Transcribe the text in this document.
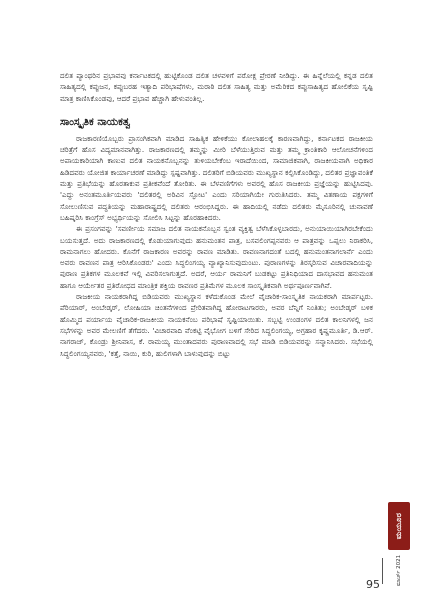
ದಲಿತ ಪ್ಯಾಂಥರಿನ ಪ್ರಭಾವವು ಕರ್ನಾಟಕದಲ್ಲಿ ಹುಟ್ಟಿಕೊಂಡ ದಲಿತ ಚಳವಳಿಗೆ ಪರೋಕ್ಷ ಪ್ರೇರಣೆ ನೀಡಿದ್ದು. ಈ ಹಿನ್ನೆಲೆಯಲ್ಲಿ ಕನ್ನಡ ದಲಿತ ಸಾಹಿತ್ಯದಲ್ಲಿ ಕಪ್ಪುಜನ, ಕಪ್ಪುಬರಹ ಇತ್ಯಾದಿ ಪರಿಭಾಷೆಗಳು, ಮರಾಠಿ ದಲಿತ ಸಾಹಿತ್ಯ ಮತ್ತು ಅಮೆರಿಕದ ಕಪ್ಪುಸಾಹಿತ್ಯದ ಹೋಲಿಕೆಯ ಸೃಷ್ಟಿ ಮಾತ್ರ ಕಾಣಿಸಿಕೊಂಡವು, ಆದರೆ ಪ್ರಭಾವ ಹೆಚ್ಚಾಗಿ ಹೇಳುವಂತಿಲ್ಲ.

ಸಾಂಸ್ಕೃತಿಕ ನಾಯಕತ್ವ

ರಾಜಕಾರಣಿಯೊಬ್ಬರು ಪ್ರಾಸಂಗಿಕವಾಗಿ ಮಾಡಿದ ಸಾಹಿತ್ಯಿಕ ಹೇಳಿಕೆಯು ಕೋಲಾಹಲಕ್ಕೆ ಕಾರಣವಾಗಿದ್ದು, ಕರ್ನಾಟಕದ ರಾಜಕೀಯ ಚರಿತ್ರೆಗೆ ಹೊಸ ವಿದ್ಯಮಾನವಾಗಿತ್ತು. ರಾಜಕಾರಣದಲ್ಲಿ ತಮ್ಮನ್ನು ಮೀರಿ ಬೆಳೆಯುತ್ತಿರುವ ಮತ್ತು ತಮ್ಮ ಕ್ರಾಂತಿಕಾರಿ ಆಲೋಚನೆಗಳಿಂದ ಅಪಾಯಕಾರಿಯಾಗಿ ಕಾಣುವ ದಲಿತ ನಾಯಕನೊಬ್ಬನನ್ನು ತುಳಿಯಬೇಕೆಂಬ ಇರಾದೆಯಿಂದ, ಸಾಮಾಜಿಕವಾಗಿ, ರಾಜಕೀಯವಾಗಿ ಅಧಿಕಾರ ಹಿಡಿದವರು ಯೋಜಿತ ಕಾರ್ಯಾಚರಣೆ ಮಾಡಿದ್ದು ಸ್ಪಷ್ಟವಾಗಿತ್ತು. ದಲಿತರಿಗೆ ಬಿಡಿಯವರು ಮುಖ್ಯಸ್ಥಾನ ಕಲ್ಪಿಸಿಕೊಂಡಿದ್ದು, ದಲಿತರ ಪ್ರಜ್ಞಾವಂತಿಕೆ ಮತ್ತು ಪ್ರತಿಭೆಯನ್ನು ಹೊರತಾಕುವ ಪ್ರತೀಕವೆಂದೆ ತೋರಿತು. ಈ ಬೆಳವಣಿಗೆಗಳು ಅವರಲ್ಲಿ ಹೊಸ ರಾಜಕೀಯ ಪ್ರಜ್ಞೆಯನ್ನು ಹುಟ್ಟಿಸಿದವು. 'ಎದ್ದು ಅನಂತಮೂರ್ತಿಯವರು 'ದಲಿತರಲ್ಲಿ ಅರಿವಿನ ಸ್ಫೋಟ' ಎಂದು ಸರಿಯಾಗಿಯೇ ಗುರುತಿಸಿದರು. ತಮ್ಮ ವಿತಣಾಯ ಪಕ್ಷಗಳಿಗೆ ಸೋಲುಣಿಸುವ ಪದ್ಧತಿಯನ್ನು ಮಹಾರಾಷ್ಟ್ರದಲ್ಲಿ ದಲಿತರು ಆರಂಭಿಸಿದ್ದರು. ಈ ಹಾದಿಯಲ್ಲಿ ನಡೆದು ದಲಿತರು ಮೈಸೂರಿನಲ್ಲಿ ಚುನಾವಣೆ ಬಹಿಷ್ಕರಿಸಿ ಕಾಂಗ್ರೆಸ್ ಅಭ್ಯರ್ಥಿಯನ್ನು ಸೋಲಿಸಿ ಸಿಟ್ಟನ್ನು ಹೊರಹಾಕಿದರು.

ಈ ಪ್ರಸಂಗವನ್ನು 'ಸವರ್ಣೀಯ ಸಮಾಜ ದಲಿತ ನಾಯಕನೊಬ್ಬನ ಸ್ವಂತ ವ್ಯಕ್ತಿತ್ವ ಬೆಳೆಸಿಕೊಳ್ಳಬಾರದು, ಅನುಯಾಯಿಯಾಗಿರಬೇಕೆಂದು ಬಯಸುತ್ತದೆ. ಅದು ರಾಜಕಾರಣದಲ್ಲಿ ಕೊಡುಯಾಗುವುದು ಹನುಮಂತನ ಪಾತ್ರ, ಬಸವಲಿಂಗಪ್ಪನವರು ಆ ಪಾತ್ರವನ್ನು ಒಪ್ಪಲು ನಿರಾಕರಿಸಿ, ರಾಮನಾಗಲು ಹೋದರು. ಕೊನೆಗೆ ರಾಜಕಾರಣ ಅವರನ್ನು ರಾವಣ ಮಾಡಿತು. ರಾವಣನಾಗದಂತೆ ಬದಲ್ಲಿ ಹನುಮಂತನಾಗಲಾರ್ನೆ ಎಂದು ಅವರು ರಾವಣನ ಪಾತ್ರ ಆರಿಸಿಕೊಂಡರು' ಎಂದು ಸಿದ್ಧಲಿಂಗಯ್ಯ ವ್ಯಾಖ್ಯಾನಿಸುವುದುಂಟು. ಪುರಾಣಗಳನ್ನು ತಿರಸ್ಕರಿಸುವ ವಿಚಾರವಾದಿಯನ್ನು ಪುರಾಣ ಪ್ರತಿಕಗಳ ಮೂಲಕವೆ ಇಲ್ಲಿ ವಿವರಿಸಲಾಗುತ್ತದೆ. ಅದರೆ, ಆರ್ಯ ರಾಮನಿಗೆ ಬುಡಕಟ್ಟು ಪ್ರತಿನಿಧಿಯಾದ ದಾಸಭಾವದ ಹನುಮಂತ ಹಾಗೂ ಆರ್ಯೇತರ ಪ್ರತಿರೋಧದ ಮಾಂತ್ರಿಕ ಶಕ್ತಿಯ ರಾವಣರ ಪ್ರತಿಮೆಗಳ ಮೂಲಕ ಸಾಂಸ್ಕೃತಿಕವಾಗಿ ಅರ್ಥಪೂರ್ಣವಾಗಿವೆ.

ರಾಜಕೀಯ ನಾಯಕರಾಗಿದ್ದ ಬಿಡಿಯವರು ಮುಖ್ಯಸ್ಥಾನ ಕಳೆದುಕೊಂಡ ಮೇಲೆ ವೈಚಾರಿಕ-ಸಾಂಸ್ಕೃತಿಕ ನಾಯಕರಾಗಿ ಮಾರ್ಪಟ್ಟರು. ಪೆರಿಯಾರ್, ಅಂಬೇಡ್ಕರ್, ಲೋಹಿಯಾ ಚಿಂತನೆಗಳಿಂದ ಪ್ರೇರಿತವಾಗಿದ್ದ ಹೋರಾಟಗಾರರು, ಅವರ ಬೆನ್ನಿಗೆ ನಿಂತಿತು; ಅಂಬೇಡ್ಕರ್ ಬಳಿಕ ಹೊಮ್ಮಿದ ಪರ್ಯಾಯ ವೈಚಾರಿಕ-ರಾಜಕೀಯ ನಾಯಕನೆಂಬ ಪರಿಭಾಷೆ ಸೃಷ್ಟಿಯಾಯಿತು. ಸಬ್ಬಟ್ಟಿ ಉಂಡಂಗಳ ದಲಿತ ಕಾಲನಿಗಳಲ್ಲಿ ಜನ ಸಭೆಗಳನ್ನು ಅವರ ಮೇಲಣಿಗೆ ತೆಗೆದರು. 'ವಿಚಾರವಾದಿ ವೆಂಕಟ್ಟಿ ವೈಭೋಗ ಬಳಿಗೆ ಸೇರಿದ ಸಿದ್ಧಲಿಂಗಯ್ಯ, ಅಗ್ರಹಾರ ಕೃಷ್ಣಮೂರ್ತಿ, ಡಿ.ಆರ್. ನಾಗರಾಜ್, ಕೊಂಡ್ರು ಶ್ರೀನಿವಾಸ, ಕೆ. ರಾಮಯ್ಯ ಮುಂತಾದವರು ಪುರಾಣವಾದಲ್ಲಿ ಸಭೆ ಮಾಡಿ ಬಿಡಿಯವರನ್ನು ಸನ್ಮಾನಿಸಿದರು. ಸಭೆಯಲ್ಲಿ ಸಿದ್ಧಲಿಂಗಯ್ಯನವರು, 'ಕತ್ತೆ, ನಾಯಿ, ಕುರಿ, ಹುಲಿಗಳಾಗಿ ಬಾಳುವುದನ್ನು ಬಿಟ್ಟು

ಮಯೂರ
ಮಾರ್ಚ್ 2021
95
